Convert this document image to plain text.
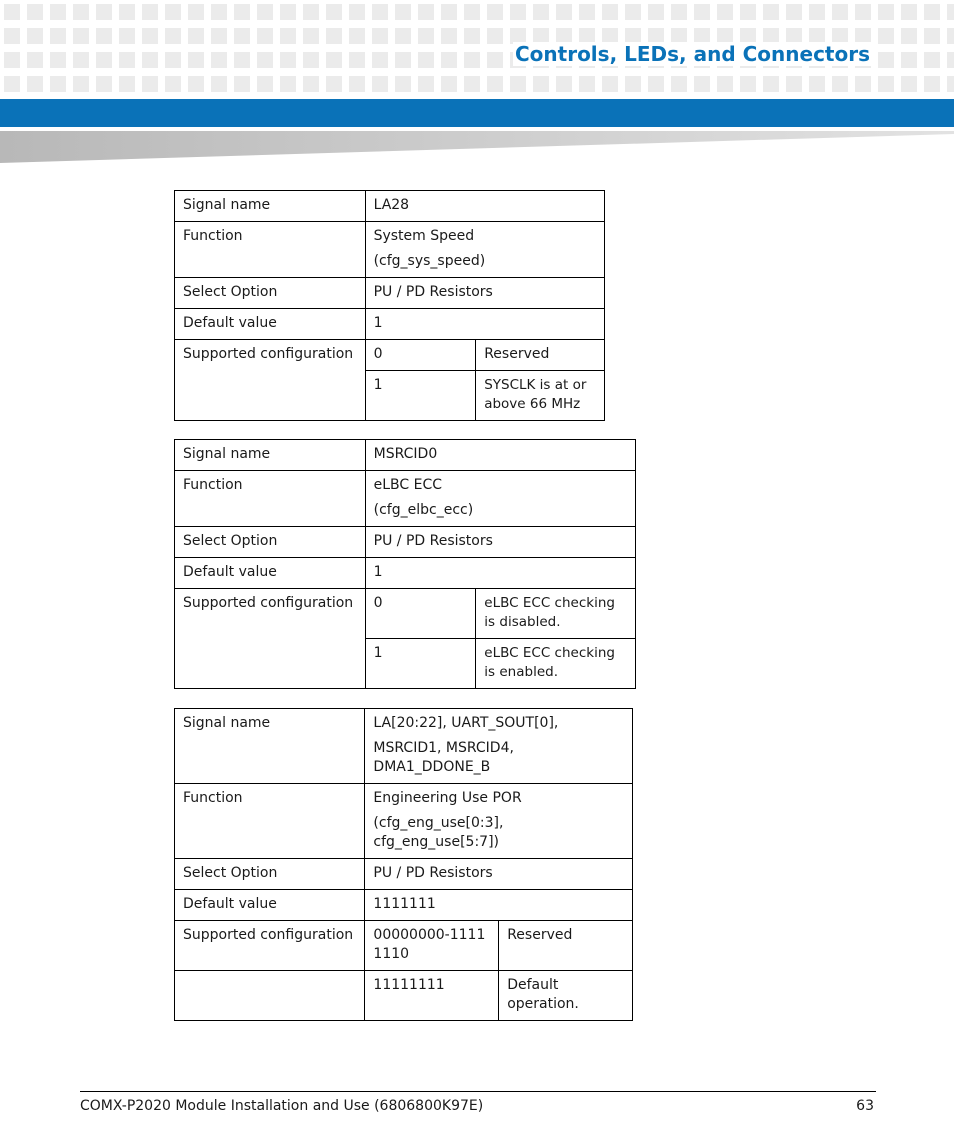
Controls, LEDs, and Connectors
Signal name	LA28	
Function	System Speed

(cfg_sys_speed)	

Select Option	PU / PD Resistors	
Default value	1	
Supported configuration	0	Reserved
	1	SYSCLK is at or above 66 MHz
Signal name	MSRCID0	
Function	eLBC ECC

(cfg_elbc_ecc)	

Select Option	PU / PD Resistors	
Default value	1	
Supported configuration	0	eLBC ECC checking is disabled.
	1	eLBC ECC checking is enabled.
Signal name	LA[20:22], UART_SOUT[0],

MSRCID1, MSRCID4, DMA1_DDONE_B	

Function	Engineering Use POR

(cfg_eng_use[0:3], cfg_eng_use[5:7])	

Select Option	PU / PD Resistors	
Default value	1111111	
Supported configuration	00000000-11111110	Reserved
	11111111	Default operation.
COMX-P2020 Module Installation and Use (6806800K97E)	63
